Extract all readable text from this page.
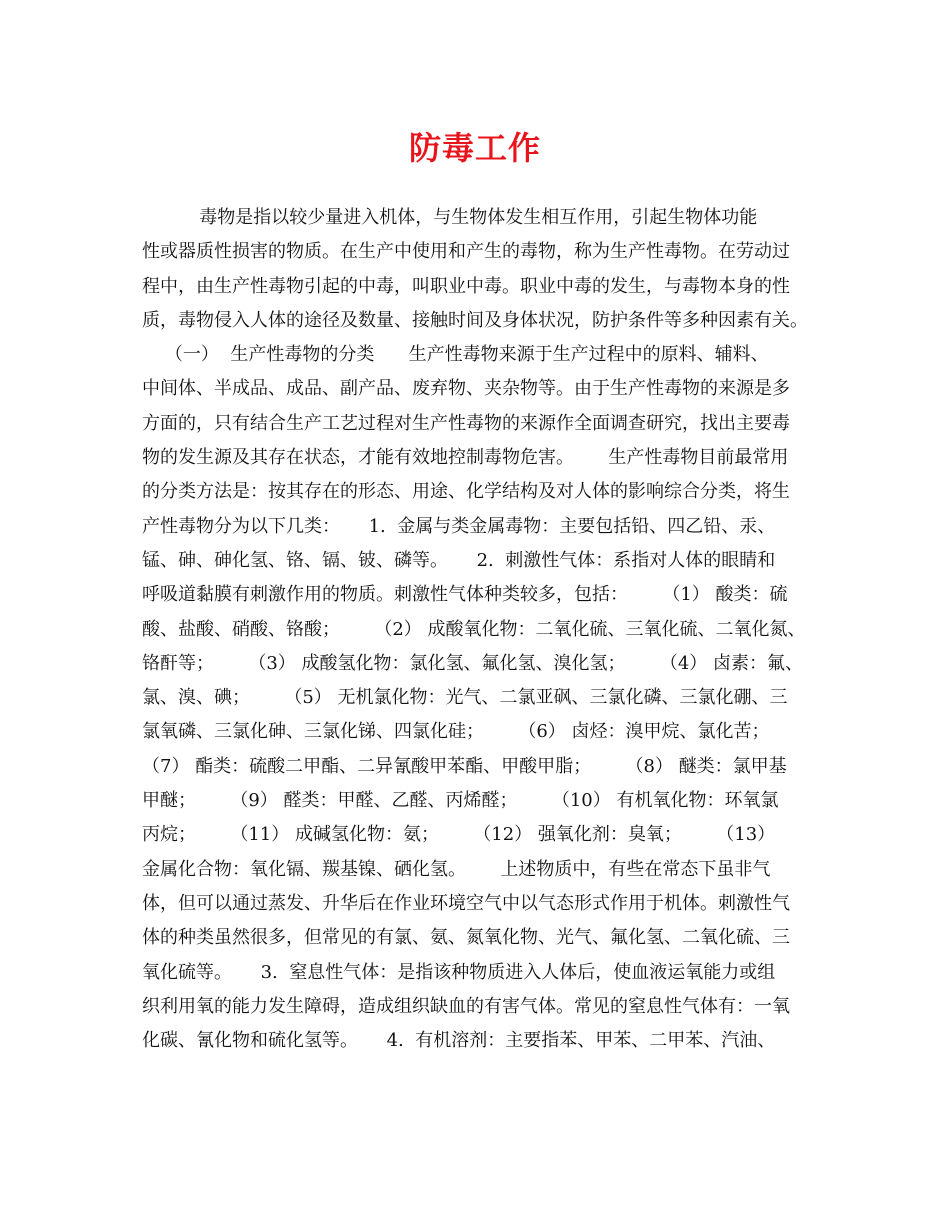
防毒工作
毒物是指以较少量进入机体，与生物体发生相互作用，引起生物体功能
性或器质性损害的物质。在生产中使用和产生的毒物，称为生产性毒物。在劳动过
程中，由生产性毒物引起的中毒，叫职业中毒。职业中毒的发生，与毒物本身的性
质，毒物侵入人体的途径及数量、接触时间及身体状况，防护条件等多种因素有关。
（一）  生产性毒物的分类      生产性毒物来源于生产过程中的原料、辅料、
中间体、半成品、成品、副产品、废弃物、夹杂物等。由于生产性毒物的来源是多
方面的，只有结合生产工艺过程对生产性毒物的来源作全面调查研究，找出主要毒
物的发生源及其存在状态，才能有效地控制毒物危害。      生产性毒物目前最常用
的分类方法是：按其存在的形态、用途、化学结构及对人体的影响综合分类，将生
产性毒物分为以下几类：     1.  金属与类金属毒物：主要包括铅、四乙铅、汞、
锰、砷、砷化氢、铬、镉、铍、磷等。     2.  刺激性气体：系指对人体的眼睛和
呼吸道黏膜有刺激作用的物质。刺激性气体种类较多，包括：      （1） 酸类：硫
酸、盐酸、硝酸、铬酸；      （2） 成酸氧化物：二氧化硫、三氧化硫、二氧化氮、
铬酐等；      （3） 成酸氢化物：氯化氢、氟化氢、溴化氢；      （4） 卤素：氟、
氯、溴、碘；      （5） 无机氯化物：光气、二氯亚砜、三氯化磷、三氯化硼、三
氯氧磷、三氯化砷、三氯化锑、四氯化硅；      （6） 卤烃：溴甲烷、氯化苦；
（7） 酯类：硫酸二甲酯、二异氰酸甲苯酯、甲酸甲脂；      （8） 醚类：氯甲基
甲醚；      （9） 醛类：甲醛、乙醛、丙烯醛；      （10） 有机氧化物：环氧氯
丙烷；      （11） 成碱氢化物：氨；      （12） 强氧化剂：臭氧；      （13）
金属化合物：氧化镉、羰基镍、硒化氢。      上述物质中，有些在常态下虽非气
体，但可以通过蒸发、升华后在作业环境空气中以气态形式作用于机体。刺激性气
体的种类虽然很多，但常见的有氯、氨、氮氧化物、光气、氟化氢、二氧化硫、三
氧化硫等。     3.  窒息性气体：是指该种物质进入人体后，使血液运氧能力或组
织利用氧的能力发生障碍，造成组织缺血的有害气体。常见的窒息性气体有：一氧
化碳、氰化物和硫化氢等。     4.  有机溶剂：主要指苯、甲苯、二甲苯、汽油、
